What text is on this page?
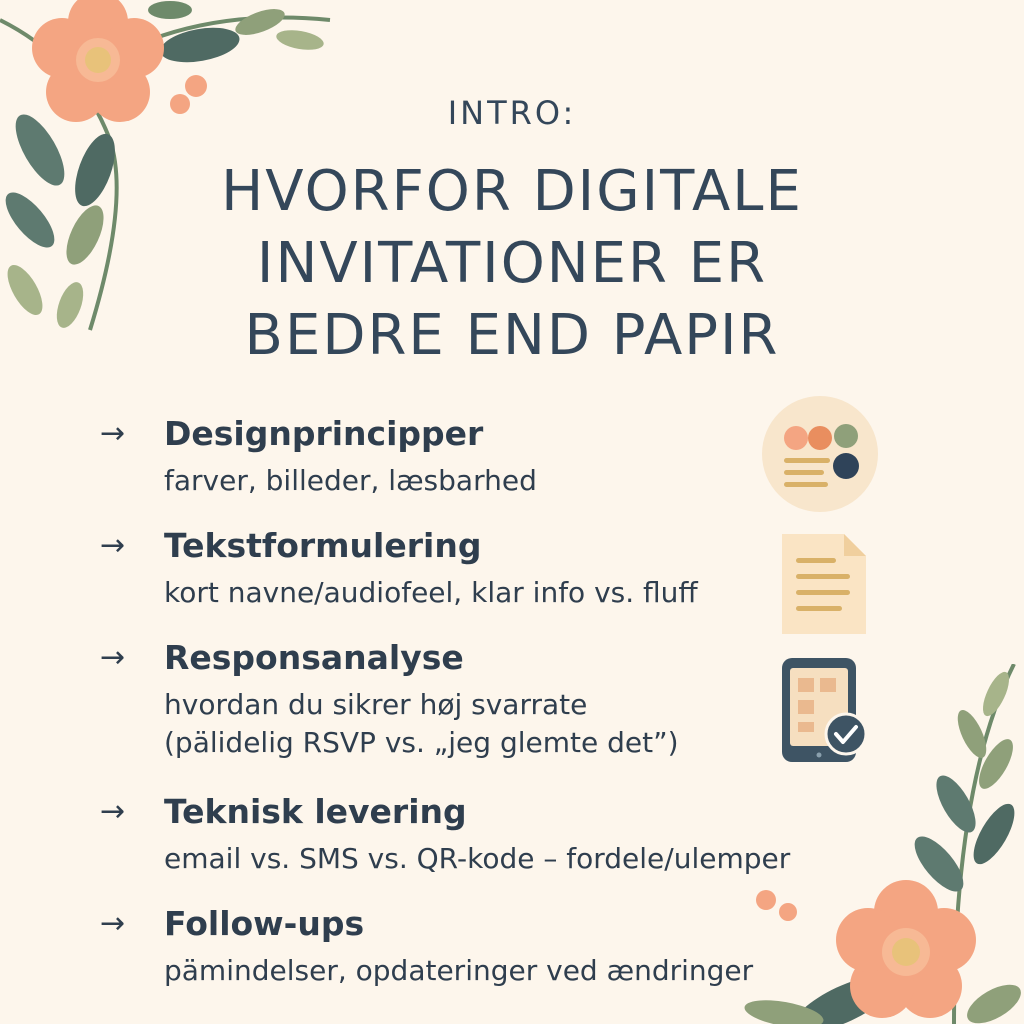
INTRO:
HVORFOR DIGITALE
INVITATIONER ER
BEDRE END PAPIR
→ Designprincipper
farver, billeder, læsbarhed
→ Tekstformulering
kort navne/audiofeel, klar info vs. fluff
→ Responsanalyse
hvordan du sikrer høj svarrate
(pälidelig RSVP vs. „jeg glemte det”)
→ Teknisk levering
email vs. SMS vs. QR-kode – fordele/ulemper
→ Follow-ups
pämindelser, opdateringer ved ændringer
